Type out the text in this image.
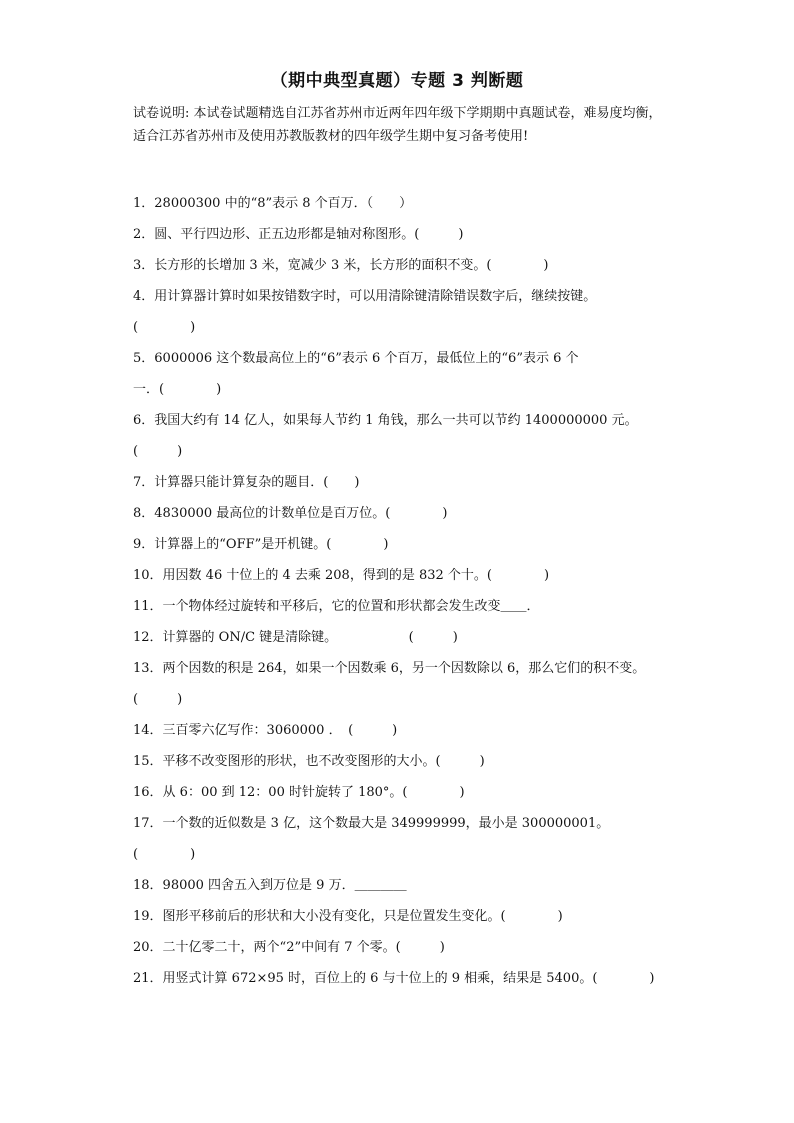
（期中典型真题）专题 3 判断题
试卷说明: 本试卷试题精选自江苏省苏州市近两年四年级下学期期中真题试卷，难易度均衡，适合江苏省苏州市及使用苏教版教材的四年级学生期中复习备考使用!
1．28000300 中的“8”表示 8 个百万．（　　）
2．圆、平行四边形、正五边形都是轴对称图形。(　　　)
3．长方形的长增加 3 米，宽减少 3 米，长方形的面积不变。(　　　　)
4．用计算器计算时如果按错数字时，可以用清除键清除错误数字后，继续按键。
(　　　　)
5．6000006 这个数最高位上的“6”表示 6 个百万，最低位上的“6”表示 6 个
一．(　　　　)
6．我国大约有 14 亿人，如果每人节约 1 角钱，那么一共可以节约 1400000000 元。
(　　　)
7．计算器只能计算复杂的题目．(　　)
8．4830000 最高位的计数单位是百万位。(　　　　)
9．计算器上的“OFF”是开机键。(　　　　)
10．用因数 46 十位上的 4 去乘 208，得到的是 832 个十。(　　　　)
11．一个物体经过旋转和平移后，它的位置和形状都会发生改变＿＿．
12．计算器的 ON/C 键是清除键。　　　　　　(　　　)
13．两个因数的积是 264，如果一个因数乘 6，另一个因数除以 6，那么它们的积不变。
(　　　)
14．三百零六亿写作：3060000 ．　(　　　)
15．平移不改变图形的形状，也不改变图形的大小。(　　　)
16．从 6：00 到 12：00 时针旋转了 180°。(　　　　)
17．一个数的近似数是 3 亿，这个数最大是 349999999，最小是 300000001。
(　　　　)
18．98000 四舍五入到万位是 9 万．＿＿＿＿
19．图形平移前后的形状和大小没有变化，只是位置发生变化。(　　　　)
20．二十亿零二十，两个“2”中间有 7 个零。(　　　)
21．用竖式计算 672×95 时，百位上的 6 与十位上的 9 相乘，结果是 5400。(　　　　)
